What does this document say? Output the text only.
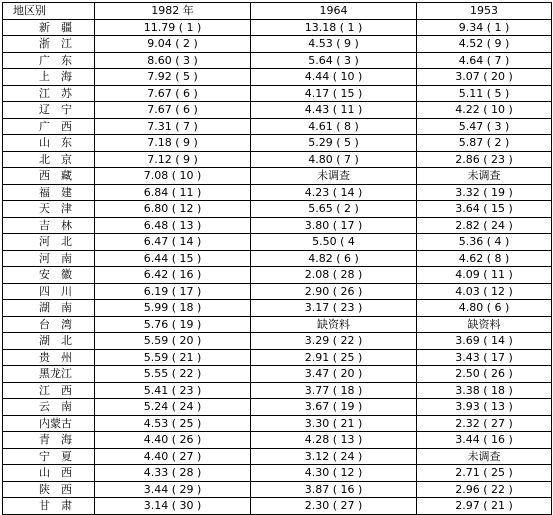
地区别	1982 年	1964	1953
新　疆	11.79 ( 1 )	13.18 ( 1 )	9.34 ( 1 )
浙　江	9.04 ( 2 )	4.53 ( 9 )	4.52 ( 9 )
广　东	8.60 ( 3 )	5.64 ( 3 )	4.64 ( 7 )
上　海	7.92 ( 5 )	4.44 ( 10 )	3.07 ( 20 )
江　苏	7.67 ( 6 )	4.17 ( 15 )	5.11 ( 5 )
辽　宁	7.67 ( 6 )	4.43 ( 11 )	4.22 ( 10 )
广　西	7.31 ( 7 )	4.61 ( 8 )	5.47 ( 3 )
山　东	7.18 ( 9 )	5.29 ( 5 )	5.87 ( 2 )
北　京	7.12 ( 9 )	4.80 ( 7 )	2.86 ( 23 )
西　藏	7.08 ( 10 )	未调查	未调查
福　建	6.84 ( 11 )	4.23 ( 14 )	3.32 ( 19 )
天　津	6.80 ( 12 )	5.65 ( 2 )	3.64 ( 15 )
吉　林	6.48 ( 13 )	3.80 ( 17 )	2.82 ( 24 )
河　北	6.47 ( 14 )	5.50 ( 4	5.36 ( 4 )
河　南	6.44 ( 15 )	4.82 ( 6 )	4.62 ( 8 )
安　徽	6.42 ( 16 )	2.08 ( 28 )	4.09 ( 11 )
四　川	6.19 ( 17 )	2.90 ( 26 )	4.03 ( 12 )
湖　南	5.99 ( 18 )	3.17 ( 23 )	4.80 ( 6 )
台　湾	5.76 ( 19 )	缺资料	缺资料
湖　北	5.59 ( 20 )	3.29 ( 22 )	3.69 ( 14 )
贵　州	5.59 ( 21 )	2.91 ( 25 )	3.43 ( 17 )
黑龙江	5.55 ( 22 )	3.47 ( 20 )	2.50 ( 26 )
江　西	5.41 ( 23 )	3.77 ( 18 )	3.38 ( 18 )
云　南	5.24 ( 24 )	3.67 ( 19 )	3.93 ( 13 )
内蒙古	4.53 ( 25 )	3.30 ( 21 )	2.32 ( 27 )
青　海	4.40 ( 26 )	4.28 ( 13 )	3.44 ( 16 )
宁　夏	4.40 ( 27 )	3.12 ( 24 )	未调查
山　西	4.33 ( 28 )	4.30 ( 12 )	2.71 ( 25 )
陕　西	3.44 ( 29 )	3.87 ( 16 )	2.96 ( 22 )
甘　肃	3.14 ( 30 )	2.30 ( 27 )	2.97 ( 21 )
